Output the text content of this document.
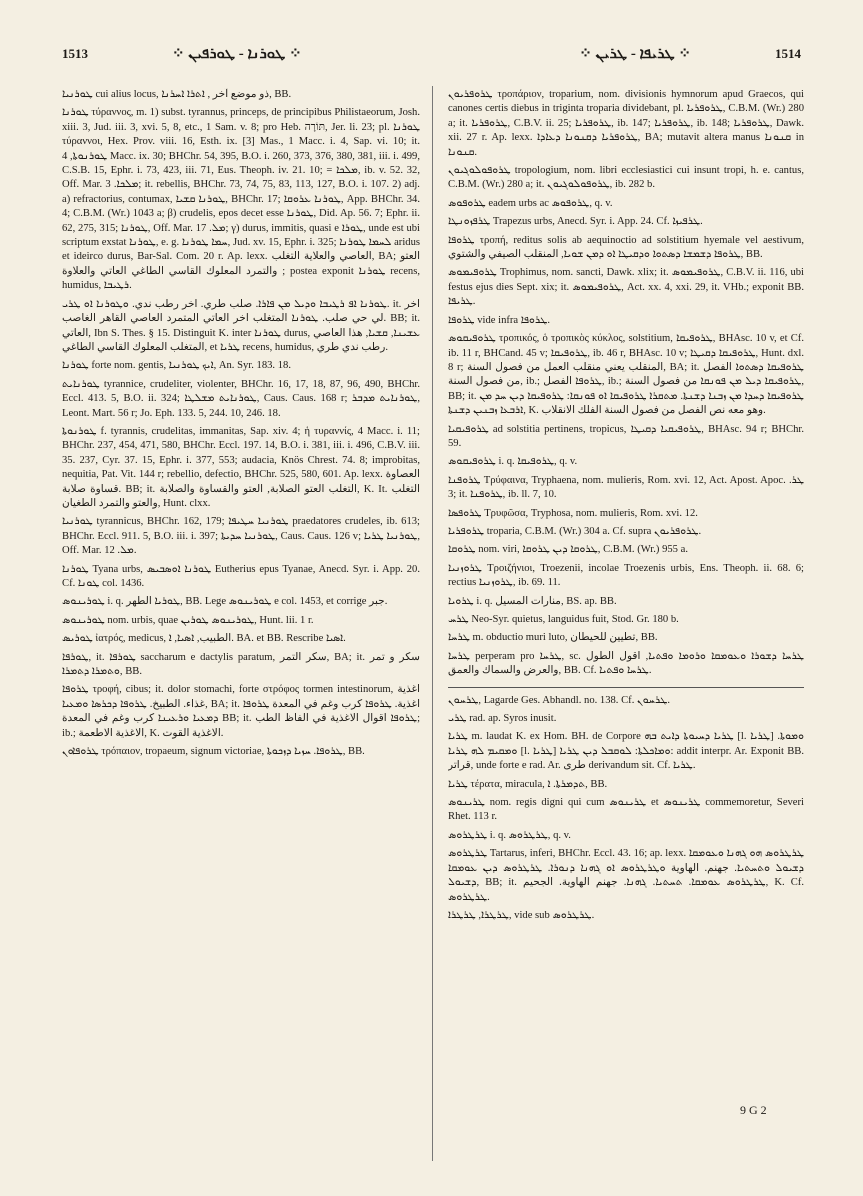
1513	⁘ ܛܘܪܢܐ - ܛܘܪܦܝܢ ⁘	⁘ ܛܪܝܦܐ - ܛܪܝܢ ⁘	1514

ܛܘܪܢܝܐ cui alius locus, ذو موضع آخر , ܐܬܪܐ ܐܚܪܢܐ, BB.

ܛܘܪܢܐ τύραννος, m. 1) subst. tyrannus, princeps, de principibus Philistaeorum, Josh. xiii. 3, Jud. iii. 3, xvi. 5, 8, etc., 1 Sam. v. 8; pro Heb. תּוֹרָה, Jer. li. 23; pl. ܛܘܪܢܐ τύραννοι, Hex. Prov. viii. 16, Esth. ix. [3] Mas., 1 Macc. i. 4, Sap. vi. 10; it. ܛܘܪܢܘܬܐ, 4 Macc. ix. 30; BHChr. 54, 395, B.O. i. 260, 373, 376, 380, 381, iii. i. 499, C.S.B. 15, Ephr. i. 73, 423, iii. 71, Eus. Theoph. iv. 21. 10; = ܡܠܟܐ, ib. v. 52. 32, Off. Mar. ܡܠܟܐ. 3; it. rebellis, BHChr. 73, 74, 75, 83, 113, 127, B.O. i. 107. 2) adj. a) refractorius, contumax, ܛܘܪܢܐ ܩܫܝܐ, BHChr. 17; ܛܘܪܢܐ ܥܪܘܩܐ, App. BHChr. 34. 4; C.B.M. (Wr.) 1043 a; β) crudelis, epos decet esse ܛܘܪܢܐ, Did. Ap. 56. 7; Ephr. ii. 62, 275, 315; ܛܘܪܢܐ, Off. Mar. ܡܠ. 17; γ) durus, immitis, quasi e ܛܘܪܐ, unde est ubi scriptum exstat ܛܘܪܢܐ, e. g. ܚܡܐ ܛܘܪܢܐ, Jud. xv. 15, Ephr. i. 325; ܠܚܡܐ ܛܘܪܢܐ aridus et ideirco durus, Bar-Sal. Com. 20 r. Ap. lexx. العاصي والعلاية التغلب, BA; العتو والتمرد المعلوك القاسي الطاغي العاتي والعلاوة ; postea exponit ܛܘܪܢܐ recens, humidus, ܪܛܝܒܐ.

ܛܘܪܢܐ ܐܦ ܪܛܝܒܐ ܘܕܝܠ ܡܢ ܦܐܪܐ. صلب طري. اخر رطب ندي. ܘܛܘܪܢܐ ܐܘ ܛܪܝ. it. اخر لي حي صلب. ܛܘܪܢܐ المتغلب اخر العاتي المتمرد العاصي القاهر الغاصب. BB; it. العاتي, Ibn S. Thes. § 15. Distinguit K. inter ܛܘܪܢܐ durus, ܥܫܝܢܐ, ܩܫܝܐ, هذا العاصي المتغلب المعلوك القاسي الطاغي, et ܛܪܝܐ recens, humidus, رطب ندي طري.

ܛܘܪܢܐ forte nom. gentis, ܐܝܟ ܛܘܪܢܝܐ, An. Syr. 183. 18.

ܛܘܪܢܐܝܬ tyrannice, crudeliter, violenter, BHChr. 16, 17, 18, 87, 96, 490, BHChr. Eccl. 413. 5, B.O. ii. 324; ܛܘܪܢܐܝܬ ܡܫܠܛܐ, Caus. Caus. 168 r; ܛܘܪܢܐܝܬ ܡܕܒܪ, Leont. Mart. 56 r; Jo. Eph. 133. 5, 244. 10, 246. 18.

ܛܘܪܢܘܬܐ f. tyrannis, crudelitas, immanitas, Sap. xiv. 4; ἡ τυραννίς, 4 Macc. i. 11; BHChr. 237, 454, 471, 580, BHChr. Eccl. 197. 14, B.O. i. 381, iii. i. 496, C.B.V. iii. 35. 237, Cyr. 37. 15, Ephr. i. 377, 553; audacia, Knös Chrest. 74. 8; improbitas, nequitia, Pat. Vit. 144 r; rebellio, defectio, BHChr. 525, 580, 601. Ap. lexx. العصاوة قساوة صلابة. BB; it. التغلب العتو الصلابة, العتو والقساوة والصلابة, K. It. التغلب والعتو والتمرد الطغيان, Hunt. clxx.

ܛܘܪܢܝܐ tyrannicus, BHChr. 162, 179; ܛܘܪܢܝܐ ܚܛܝܦܐ praedatores crudeles, ib. 613; BHChr. Eccl. 911. 5, B.O. iii. i. 397; ܛܘܪܢܝܐ ܚܕܝܬܐ, Caus. Caus. 126 v; ܛܘܪܢܝܐ ܛܪܝܐ, Off. Mar. ܡܠ. 12.

ܛܘܪܢܐ Tyana urbs, ܛܘܪܢܐ ܐܘܣܒܝܣ Eutherius epus Tyanae, Anecd. Syr. i. App. 20. Cf. ܛܘܢܐ col. 1436.

ܛܘܪܝܢܘܣ i. q. ܛܘܪܝܐ الطهر, BB. Lege ܛܘܪܝܢܘܣ e col. 1453, et corrige جبر.

ܛܘܪܝܢܘܣ nom. urbis, quae ܛܘܪܝܢܘܣ ܛܘܪܝܢ, Hunt. lii. 1 r.

ܛܘܪܝܣ ἰατρός, medicus, الطبيب, ܐܣܝܐ, ܐ. BA. et BB. Rescribe ܐܣܝܐ.

ܛܘܪܦܐ, it. ܛܘܪܦܐ saccharum e dactylis paratum, سكر التمر, BA; it. سكر و تمر ܘܬܡܪܐ ܕܬܡܪܐ, BB.

ܛܪܘܦܐ τροφή, cibus; it. dolor stomachi, forte στρόφος tormen intestinorum, اغذية غذاء. الطبيخ. ܛܪܘܦܐ ܕܟܪܣܐ ܘܡܥܝܐ, BA; it. اغذية. ܛܪܘܦܐ كرب وغم في المعدة ܛܪܘܦܐ ܕܡܥܝܐ ܘܪܥܝܢܐ كرب وغم في المعدة BB; it. ܛܪܘܦܐ اقوال الاغذية في الفاظ الطب; ib.; الاغذية الاطعمة, K. الاغذية القوت.

ܛܪܘܦܐܘܢ τρόπαιον, tropaeum, signum victoriae, ܛܪܘܦܐ. ܚܙܝܐ ܕܙܟܘܬܐ, BB.

ܛܪܘܦܪܝܘܢ τροπάριον, troparium, nom. divisionis hymnorum apud Graecos, qui canones certis diebus in triginta troparia dividebant, pl. ܛܪܘܦܪܝܐ, C.B.M. (Wr.) 280 a; it. ܛܪܘܦܪܝܐ, C.B.V. ii. 25; ܛܪܘܦܪܝܐ, ib. 147; ܛܪܘܦܪܝܐ, ib. 148; ܛܪܘܦܪܝܐ, Dawk. xii. 27 r. Ap. lexx. ܛܪܘܦܪܝܐ ܕܩܢܘܢܐ ܕܥܐܕܐ, BA; mutavit altera manus ܩܢܘܢܐ in ܩܢܘܢܐ.

ܛܪܘܦܘܠܘܓܝܘܢ tropologium, nom. libri ecclesiastici cui insunt tropi, h. e. cantus, C.B.M. (Wr.) 280 a; it. ܛܪܘܦܘܠܘܓܝܘܢ, ib. 282 b.

ܛܪܘܦܘܣ eadem urbs ac ܛܪܘܦܘܣ, q. v.

ܛܪܦܙܘܢܛܐ Trapezus urbs, Anecd. Syr. i. App. 24. Cf. ܛܪܦܝܙܐ.

ܛܪܘܦܐ τροπή, reditus solis ab aequinoctio ad solstitium hyemale vel aestivum, ܛܪܘܦܐ ܕܫܡܫܐ ܕܣܬܘܐ ܘܕܩܝܛܐ ܐܘ ܕܡܢ ܫܘܝܐ, المنقلب الصيفي والشتوي, BB.

ܛܪܘܦܝܡܘܣ Trophimus, nom. sancti, Dawk. xlix; it. ܛܪܘܦܝܡܘܣ, C.B.V. ii. 116, ubi festus ejus dies Sept. xix; it. ܛܪܘܦܝܡܘܣ, Act. xx. 4, xxi. 29, it. VHb.; exponit BB. ܛܪܝܦܐ.

ܛܪܘܦܐ vide infra ܛܪܘܦܐ.

ܛܪܘܦܝܩܘܣ τροπικός, ὁ τροπικὸς κύκλος, solstitium, ܛܪܘܦܝܩܐ, BHAsc. 10 v, et Cf. ib. 11 r, BHCand. 45 v; ܛܪܘܦܝܩܐ, ib. 46 r, BHAsc. 10 v; ܛܪܘܦܝܩܐ ܕܩܝܛܐ, Hunt. dxl. 8 r; المنقلب يعني منقلب العمل من فصول السنة, BA; it. ܛܪܘܦܝܩܐ ܕܣܬܘܐ الفصل من فصول السنة, ib.; ܛܪܘܦܐ الفصل, ib.; ܛܪܘܦܝܩܐ ܕܝܠ ܡܢ ܦܘܢܩܐ من فصول السنة, BB; it. ܛܪܘܦܝܩܐ ܕܚܕܐ ܡܢ ܙܒܢܐ ܕܫܢܬܐ. ܡܬܩܪܐ ܛܪܘܦܝܩܐ ܐܘ ܦܘܢܩܐ: ܛܪܘܦܝܩܐ ܕܝܢ ܚܕ ܡܢ ܐܪܒܥܐ ܙܒܢܝܢ ܕܫܢܬܐ, K. وهو معه نص الفصل من فصول السنة الفلك الانقلاب.

ܛܪܘܦܝܩܝܐ ad solstitia pertinens, tropicus, ܛܪܘܦܝܩܝܐ ܕܩܝܛܐ, BHAsc. 94 r; BHChr. 59.

ܛܪܘܦܝܩܘܣ i. q. ܛܪܘܦܝܩܐ, q. v.

ܛܪܘܦܢܐ Τρύφαινα, Tryphaena, nom. mulieris, Rom. xvi. 12, Act. Apost. Apoc. ܛܪ. 3; it. ܛܪܘܦܢܐ, ib. ll. 7, 10.

ܛܪܘܦܣܐ Τρυφῶσα, Tryphosa, nom. mulieris, Rom. xvi. 12.

ܛܪܘܦܪܝܐ troparia, C.B.M. (Wr.) 304 a. Cf. supra ܛܪܘܦܪܝܘܢ.

ܛܪܘܩܐ nom. viri, ܛܪܘܩܐ ܕܝܢ ܛܪܘܩܐ, C.B.M. (Wr.) 955 a.

ܛܪܘܙܢܝܐ Τροιζήνιοι, Troezenii, incolae Troezenis urbis, Ens. Theoph. ii. 68. 6; rectius ܛܪܘܙܢܝܐ, ib. 69. 11.

ܛܪܘܝܐ i. q. منارات المسيل, BS. ap. BB.

ܛܪܚ Neo-Syr. quietus, languidus fuit, Stod. Gr. 180 b.

ܛܪܚܐ m. obductio muri luto, تطيين للحيطان, BB.

ܛܪܚܐ perperam pro ܛܪܚܐ, sc. ܛܪܚܐ ܕܫܘܪܐ ܘܥܘܡܩܐ ܘܪܘܡܐ ܘܦܬܝܐ, اقول الطول والعرض والسماك والعمق, BB. Cf. ܛܪܚܐ ܘܦܬܝܐ.

ܛܪܚܘܢ, Lagarde Ges. Abhandl. no. 138. Cf. ܛܪܚܘܢ.

ܛܪܝ rad. ap. Syros inusit.

ܛܪܝܐ m. laudat K. ex Hom. BH. de Corpore ܛܪܝܐ ܕܚܝܘܬܐ ܕܐܝܬ ܒܗ [l. ܛܪܝܐ] ܘܡܘܬܐ. ܘܡܩܝܡ ܠܗ ܛܪܝܐ [l. ܛܪܝܐ] ܘܡܐܟܠܬܐ: ܠܘܩܒܠ ܕܝܢ ܛܪܝܐ: addit interpr. Ar. Exponit BB. قراتر, unde forte e rad. Ar. طرى derivandum sit. Cf. ܛܪܝܐ.

ܛܪܝܐ τέρατα, miracula, ܬܕܡܪܬܐ. ܐ, BB.

ܛܪܝܢܘܣ nom. regis digni qui cum ܛܪܝܢܘܣ et ܛܪܝܢܘܣ commemoretur, Severi Rhet. 113 r.

ܛܪܛܪܘܣ i. q. ܛܪܛܪܘܣ, q. v.

ܛܪܛܪܘܣ Tartarus, inferi, BHChr. Eccl. 43. 16; ap. lexx. ܛܪܛܪܘܣ ܗܘ ܓܗܢܐ ܘܥܘܡܩܐ ܕܫܝܘܠ ܘܬܚܬܝܐ. جهنم. الهاوية ܘܛܪܛܪܘܣ ܐܘ ܓܗܢܐ ܕܢܘܪܐ. ܛܪܛܪܘܣ ܕܝܢ ܥܘܡܩܐ ܕܫܝܘܠ, BB; it. ܛܪܛܪܘܣ ܥܘܡܩܐ. ܬܚܬܝܐ. ܓܗܢܐ. جهنم الهاوية. الجحيم, K. Cf. ܛܪܛܪܘܣ.

ܛܪܛܪܐ, ܛܪܛܪܐ, vide sub ܛܪܛܪܘܣ.

9 G 2
